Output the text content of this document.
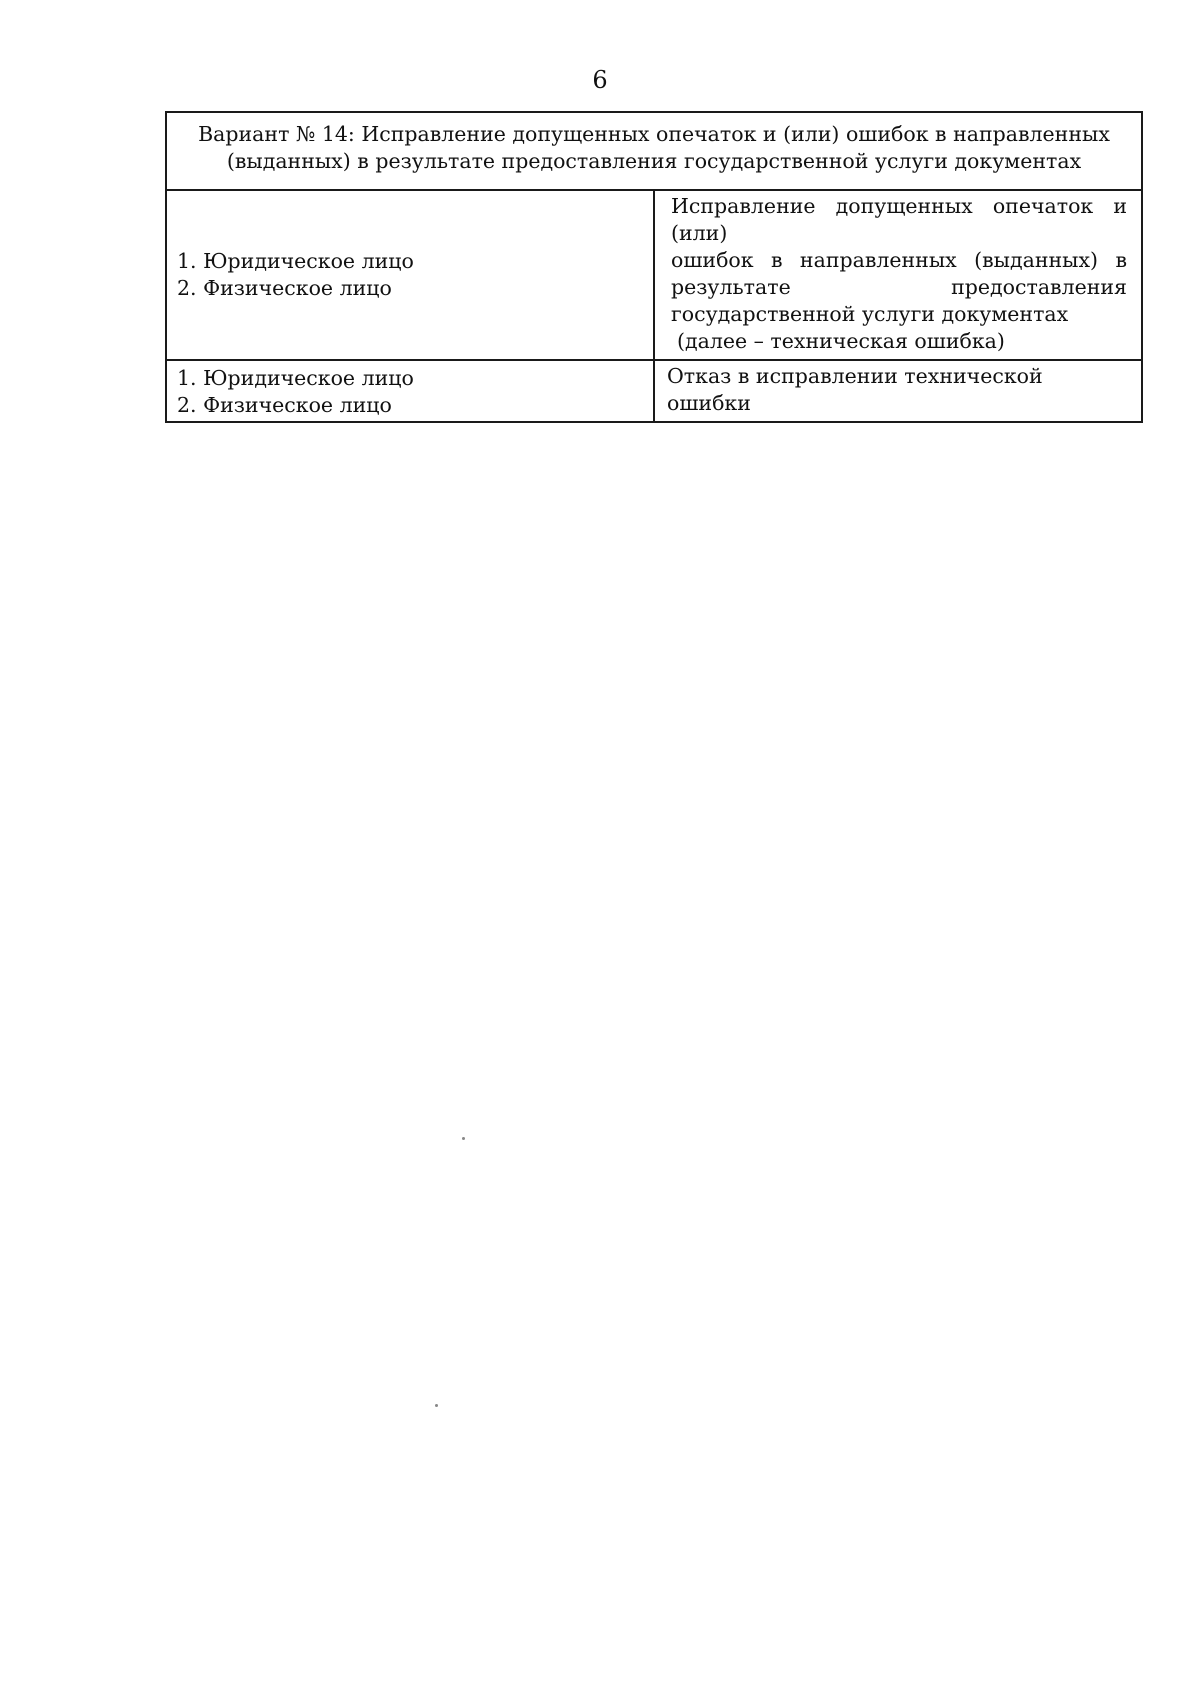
6
Вариант № 14: Исправление допущенных опечаток и (или) ошибок в направленных
(выданных) в результате предоставления государственной услуги документах	

1. Юридическое лицо
2. Физическое лицо	Исправление допущенных опечаток и (или)
ошибок в направленных (выданных) в
результате предоставления
государственной услуги документах
(далее – техническая ошибка)

1. Юридическое лицо
2. Физическое лицо	Отказ в исправлении технической ошибки
